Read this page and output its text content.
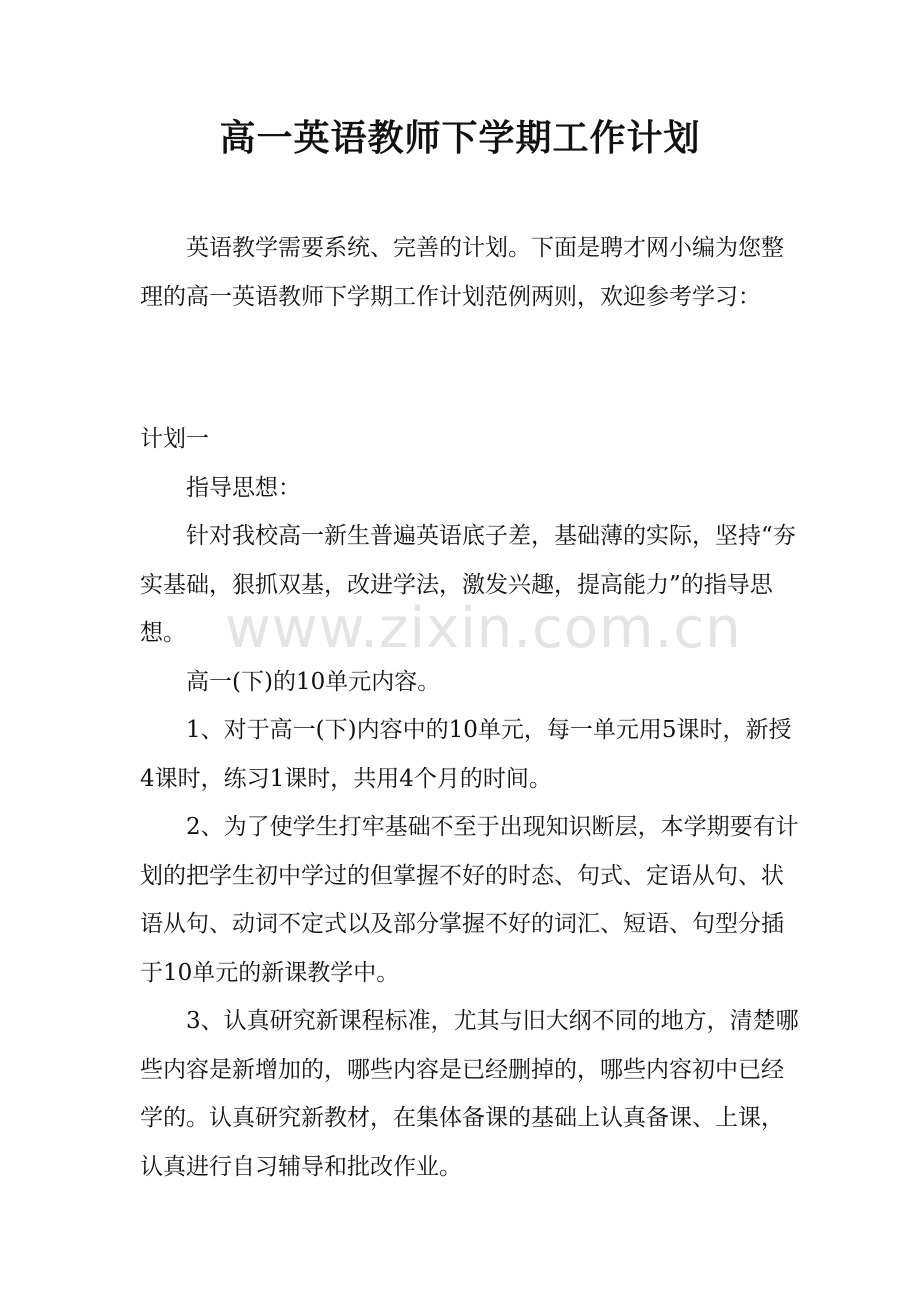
高一英语教师下学期工作计划

英语教学需要系统、完善的计划。下面是聘才网小编为您整理的高一英语教师下学期工作计划范例两则，欢迎参考学习：

计划一

指导思想：

针对我校高一新生普遍英语底子差，基础薄的实际，坚持“夯实基础，狠抓双基，改进学法，激发兴趣，提高能力”的指导思想。

高一(下)的10单元内容。

1、对于高一(下)内容中的10单元，每一单元用5课时，新授4课时，练习1课时，共用4个月的时间。

2、为了使学生打牢基础不至于出现知识断层，本学期要有计划的把学生初中学过的但掌握不好的时态、句式、定语从句、状语从句、动词不定式以及部分掌握不好的词汇、短语、句型分插于10单元的新课教学中。

3、认真研究新课程标准，尤其与旧大纲不同的地方，清楚哪些内容是新增加的，哪些内容是已经删掉的，哪些内容初中已经学的。认真研究新教材，在集体备课的基础上认真备课、上课，认真进行自习辅导和批改作业。

www.zixin.com.cn
